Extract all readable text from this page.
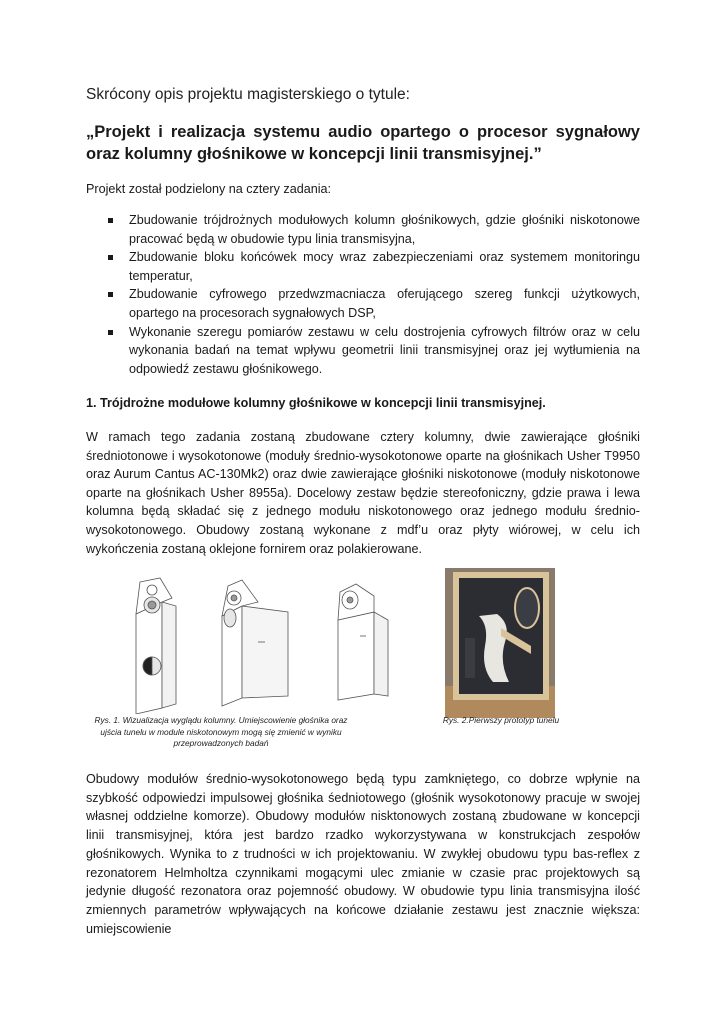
Skrócony opis projektu magisterskiego o tytule:
„Projekt i realizacja systemu audio opartego o procesor sygnałowy oraz kolumny głośnikowe w koncepcji linii transmisyjnej.”
Projekt został podzielony na cztery zadania:
Zbudowanie trójdrożnych modułowych kolumn głośnikowych, gdzie głośniki niskotonowe pracować będą w obudowie typu linia transmisyjna,
Zbudowanie bloku końcówek mocy wraz zabezpieczeniami oraz systemem monitoringu temperatur,
Zbudowanie cyfrowego przedwzmacniacza oferującego szereg funkcji użytkowych, opartego na procesorach sygnałowych DSP,
Wykonanie szeregu pomiarów zestawu w celu dostrojenia cyfrowych filtrów oraz w celu wykonania badań na temat wpływu geometrii linii transmisyjnej oraz jej wytłumienia na odpowiedź zestawu głośnikowego.
1. Trójdrożne modułowe kolumny głośnikowe w koncepcji linii transmisyjnej.
W ramach tego zadania zostaną zbudowane cztery kolumny, dwie zawierające głośniki średniotonowe i wysokotonowe (moduły średnio-wysokotonowe oparte na głośnikach Usher T9950 oraz Aurum Cantus AC-130Mk2) oraz dwie zawierające głośniki niskotonowe (moduły niskotonowe oparte na głośnikach Usher 8955a). Docelowy zestaw będzie stereofoniczny, gdzie prawa i lewa kolumna będą składać się z jednego modułu niskotonowego oraz jednego modułu średnio-wysokotonowego. Obudowy zostaną wykonane z mdf’u oraz płyty wiórowej, w celu ich wykończenia zostaną oklejone fornirem oraz polakierowane.
Rys. 1. Wizualizacja wyglądu kolumny. Umiejscowienie głośnika oraz ujścia tunelu w module niskotonowym mogą się zmienić w wyniku przeprowadzonych badań
Rys. 2.Pierwszy prototyp tunelu
Obudowy modułów średnio-wysokotonowego będą typu zamkniętego, co dobrze wpłynie na szybkość odpowiedzi impulsowej głośnika śedniotowego (głośnik wysokotonowy pracuje w swojej własnej oddzielne komorze). Obudowy modułów nisktonowych zostaną zbudowane w koncepcji linii transmisyjnej, która jest bardzo rzadko wykorzystywana w konstrukcjach zespołów głośnikowych. Wynika to z trudności w ich projektowaniu. W zwykłej obudowu typu bas-reflex z rezonatorem Helmholtza czynnikami mogącymi ulec zmianie w czasie prac projektowych są jedynie długość rezonatora oraz pojemność obudowy. W obudowie typu linia transmisyjna ilość zmiennych parametrów wpływających na końcowe działanie zestawu jest znacznie większa: umiejscowienie
